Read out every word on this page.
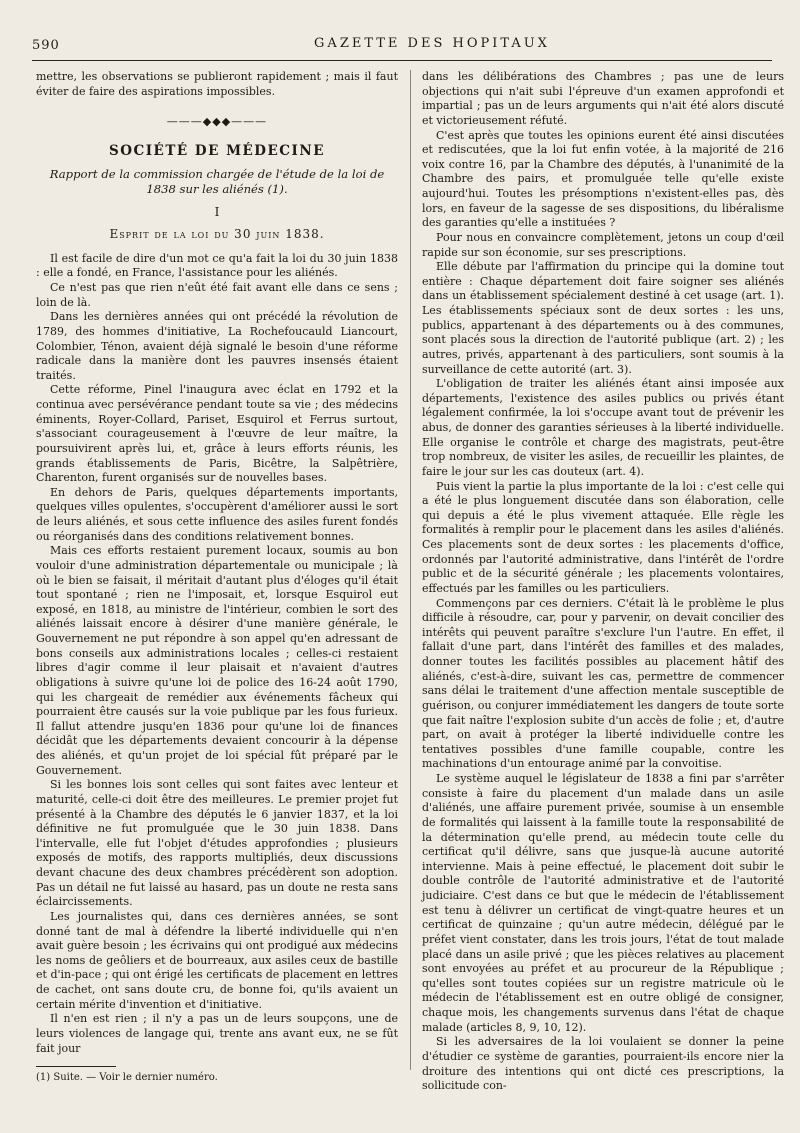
590	GAZETTE DES HOPITAUX

mettre, les observations se publieront rapidement ; mais il faut éviter de faire des aspirations impossibles.

———◆◆◆———
SOCIÉTÉ DE MÉDECINE
Rapport de la commission chargée de l'étude de la loi de 1838 sur les aliénés (1).
I
Esprit de la loi du 30 juin 1838.

Il est facile de dire d'un mot ce qu'a fait la loi du 30 juin 1838 : elle a fondé, en France, l'assistance pour les aliénés.

Ce n'est pas que rien n'eût été fait avant elle dans ce sens ; loin de là.

Dans les dernières années qui ont précédé la révolution de 1789, des hommes d'initiative, La Rochefoucauld Liancourt, Colombier, Ténon, avaient déjà signalé le besoin d'une réforme radicale dans la manière dont les pauvres insensés étaient traités.

Cette réforme, Pinel l'inaugura avec éclat en 1792 et la continua avec persévérance pendant toute sa vie ; des médecins éminents, Royer-Collard, Pariset, Esquirol et Ferrus surtout, s'associant courageusement à l'œuvre de leur maître, la poursuivirent après lui, et, grâce à leurs efforts réunis, les grands établissements de Paris, Bicêtre, la Salpêtrière, Charenton, furent organisés sur de nouvelles bases.

En dehors de Paris, quelques départements importants, quelques villes opulentes, s'occupèrent d'améliorer aussi le sort de leurs aliénés, et sous cette influence des asiles furent fondés ou réorganisés dans des conditions relativement bonnes.

Mais ces efforts restaient purement locaux, soumis au bon vouloir d'une administration départementale ou municipale ; là où le bien se faisait, il méritait d'autant plus d'éloges qu'il était tout spontané ; rien ne l'imposait, et, lorsque Esquirol eut exposé, en 1818, au ministre de l'intérieur, combien le sort des aliénés laissait encore à désirer d'une manière générale, le Gouvernement ne put répondre à son appel qu'en adressant de bons conseils aux administrations locales ; celles-ci restaient libres d'agir comme il leur plaisait et n'avaient d'autres obligations à suivre qu'une loi de police des 16-24 août 1790, qui les chargeait de remédier aux événements fâcheux qui pourraient être causés sur la voie publique par les fous furieux. Il fallut attendre jusqu'en 1836 pour qu'une loi de finances décidât que les départements devaient concourir à la dépense des aliénés, et qu'un projet de loi spécial fût préparé par le Gouvernement.

Si les bonnes lois sont celles qui sont faites avec lenteur et maturité, celle-ci doit être des meilleures. Le premier projet fut présenté à la Chambre des députés le 6 janvier 1837, et la loi définitive ne fut promulguée que le 30 juin 1838. Dans l'intervalle, elle fut l'objet d'études approfondies ; plusieurs exposés de motifs, des rapports multipliés, deux discussions devant chacune des deux chambres précédèrent son adoption. Pas un détail ne fut laissé au hasard, pas un doute ne resta sans éclaircissements.

Les journalistes qui, dans ces dernières années, se sont donné tant de mal à défendre la liberté individuelle qui n'en avait guère besoin ; les écrivains qui ont prodigué aux médecins les noms de geôliers et de bourreaux, aux asiles ceux de bastille et d'in-pace ; qui ont érigé les certificats de placement en lettres de cachet, ont sans doute cru, de bonne foi, qu'ils avaient un certain mérite d'invention et d'initiative.

Il n'en est rien ; il n'y a pas un de leurs soupçons, une de leurs violences de langage qui, trente ans avant eux, ne se fût fait jour

(1) Suite. — Voir le dernier numéro.

dans les délibérations des Chambres ; pas une de leurs objections qui n'ait subi l'épreuve d'un examen approfondi et impartial ; pas un de leurs arguments qui n'ait été alors discuté et victorieusement réfuté.

C'est après que toutes les opinions eurent été ainsi discutées et rediscutées, que la loi fut enfin votée, à la majorité de 216 voix contre 16, par la Chambre des députés, à l'unanimité de la Chambre des pairs, et promulguée telle qu'elle existe aujourd'hui. Toutes les présomptions n'existent-elles pas, dès lors, en faveur de la sagesse de ses dispositions, du libéralisme des garanties qu'elle a instituées ?

Pour nous en convaincre complètement, jetons un coup d'œil rapide sur son économie, sur ses prescriptions.

Elle débute par l'affirmation du principe qui la domine tout entière : Chaque département doit faire soigner ses aliénés dans un établissement spécialement destiné à cet usage (art. 1). Les établissements spéciaux sont de deux sortes : les uns, publics, appartenant à des départements ou à des communes, sont placés sous la direction de l'autorité publique (art. 2) ; les autres, privés, appartenant à des particuliers, sont soumis à la surveillance de cette autorité (art. 3).

L'obligation de traiter les aliénés étant ainsi imposée aux départements, l'existence des asiles publics ou privés étant légalement confirmée, la loi s'occupe avant tout de prévenir les abus, de donner des garanties sérieuses à la liberté individuelle. Elle organise le contrôle et charge des magistrats, peut-être trop nombreux, de visiter les asiles, de recueillir les plaintes, de faire le jour sur les cas douteux (art. 4).

Puis vient la partie la plus importante de la loi : c'est celle qui a été le plus longuement discutée dans son élaboration, celle qui depuis a été le plus vivement attaquée. Elle règle les formalités à remplir pour le placement dans les asiles d'aliénés. Ces placements sont de deux sortes : les placements d'office, ordonnés par l'autorité administrative, dans l'intérêt de l'ordre public et de la sécurité générale ; les placements volontaires, effectués par les familles ou les particuliers.

Commençons par ces derniers. C'était là le problème le plus difficile à résoudre, car, pour y parvenir, on devait concilier des intérêts qui peuvent paraître s'exclure l'un l'autre. En effet, il fallait d'une part, dans l'intérêt des familles et des malades, donner toutes les facilités possibles au placement hâtif des aliénés, c'est-à-dire, suivant les cas, permettre de commencer sans délai le traitement d'une affection mentale susceptible de guérison, ou conjurer immédiatement les dangers de toute sorte que fait naître l'explosion subite d'un accès de folie ; et, d'autre part, on avait à protéger la liberté individuelle contre les tentatives possibles d'une famille coupable, contre les machinations d'un entourage animé par la convoitise.

Le système auquel le législateur de 1838 a fini par s'arrêter consiste à faire du placement d'un malade dans un asile d'aliénés, une affaire purement privée, soumise à un ensemble de formalités qui laissent à la famille toute la responsabilité de la détermination qu'elle prend, au médecin toute celle du certificat qu'il délivre, sans que jusque-là aucune autorité intervienne. Mais à peine effectué, le placement doit subir le double contrôle de l'autorité administrative et de l'autorité judiciaire. C'est dans ce but que le médecin de l'établissement est tenu à délivrer un certificat de vingt-quatre heures et un certificat de quinzaine ; qu'un autre médecin, délégué par le préfet vient constater, dans les trois jours, l'état de tout malade placé dans un asile privé ; que les pièces relatives au placement sont envoyées au préfet et au procureur de la République ; qu'elles sont toutes copiées sur un registre matricule où le médecin de l'établissement est en outre obligé de consigner, chaque mois, les changements survenus dans l'état de chaque malade (articles 8, 9, 10, 12).

Si les adversaires de la loi voulaient se donner la peine d'étudier ce système de garanties, pourraient-ils encore nier la droiture des intentions qui ont dicté ces prescriptions, la sollicitude con-
